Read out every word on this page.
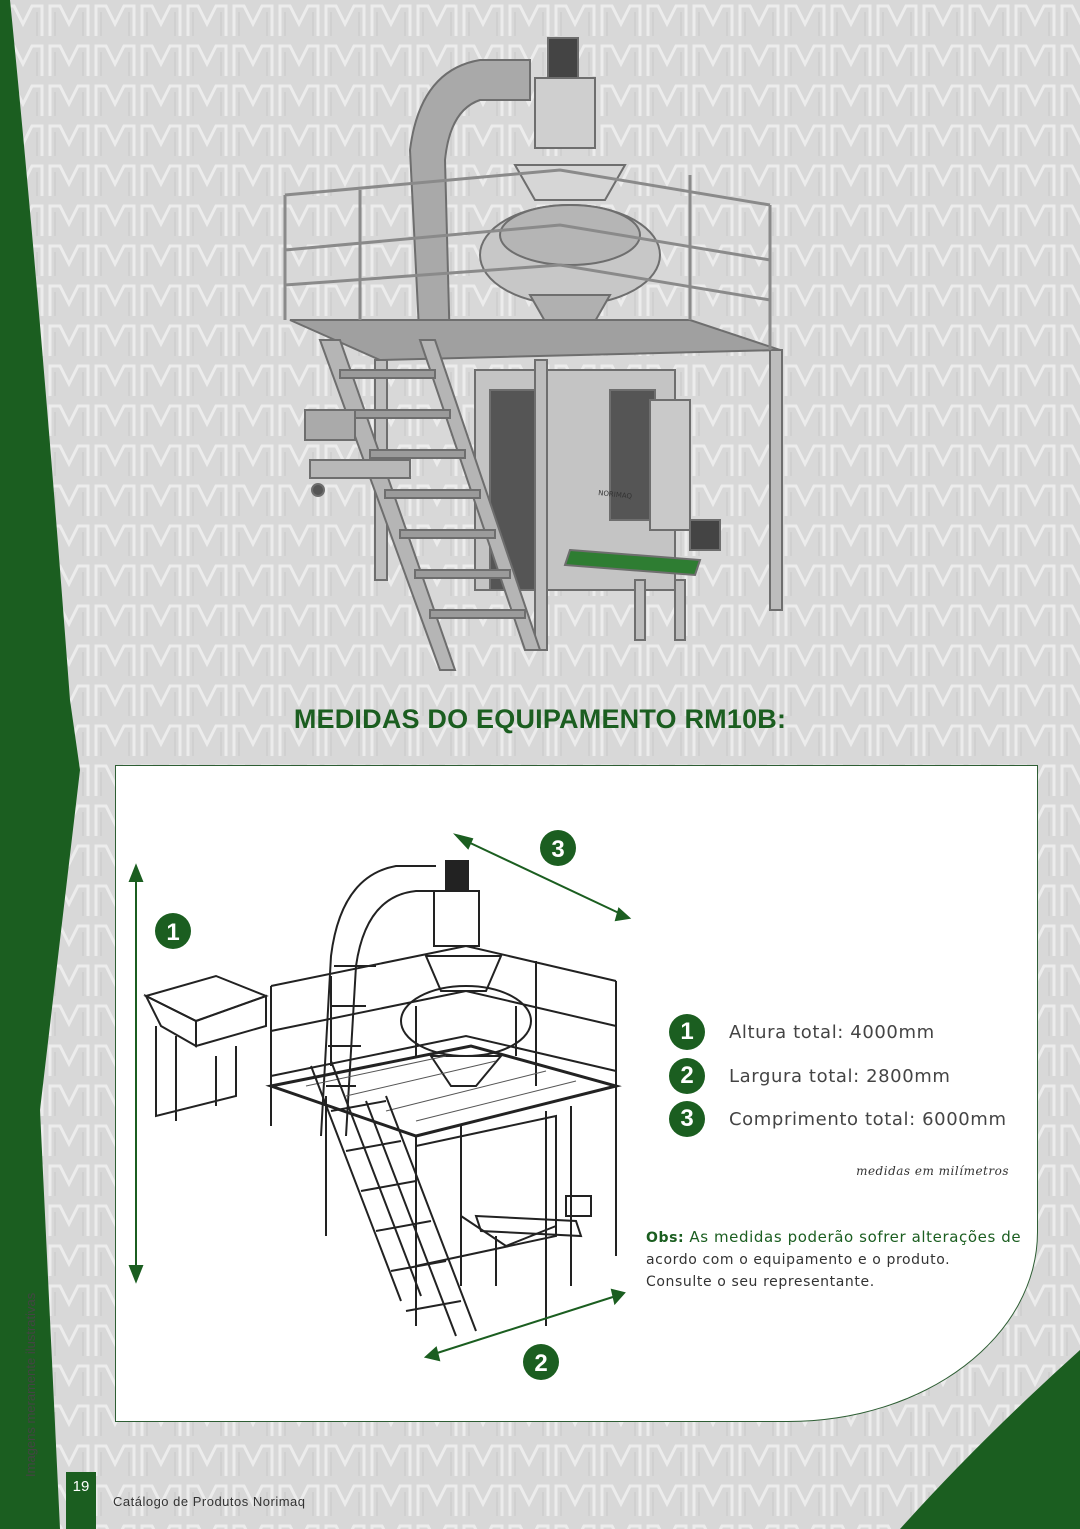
NORIMAQ
MEDIDAS DO EQUIPAMENTO RM10B:
1
3
2
1	Altura total: 4000mm
2	Largura total: 2800mm
3	Comprimento total: 6000mm
medidas em milímetros
Obs: As medidas poderão sofrer alterações de
acordo com o equipamento e o produto.
Consulte o seu representante.
Imagens meramente ilustrativas
19
Catálogo de Produtos Norimaq
